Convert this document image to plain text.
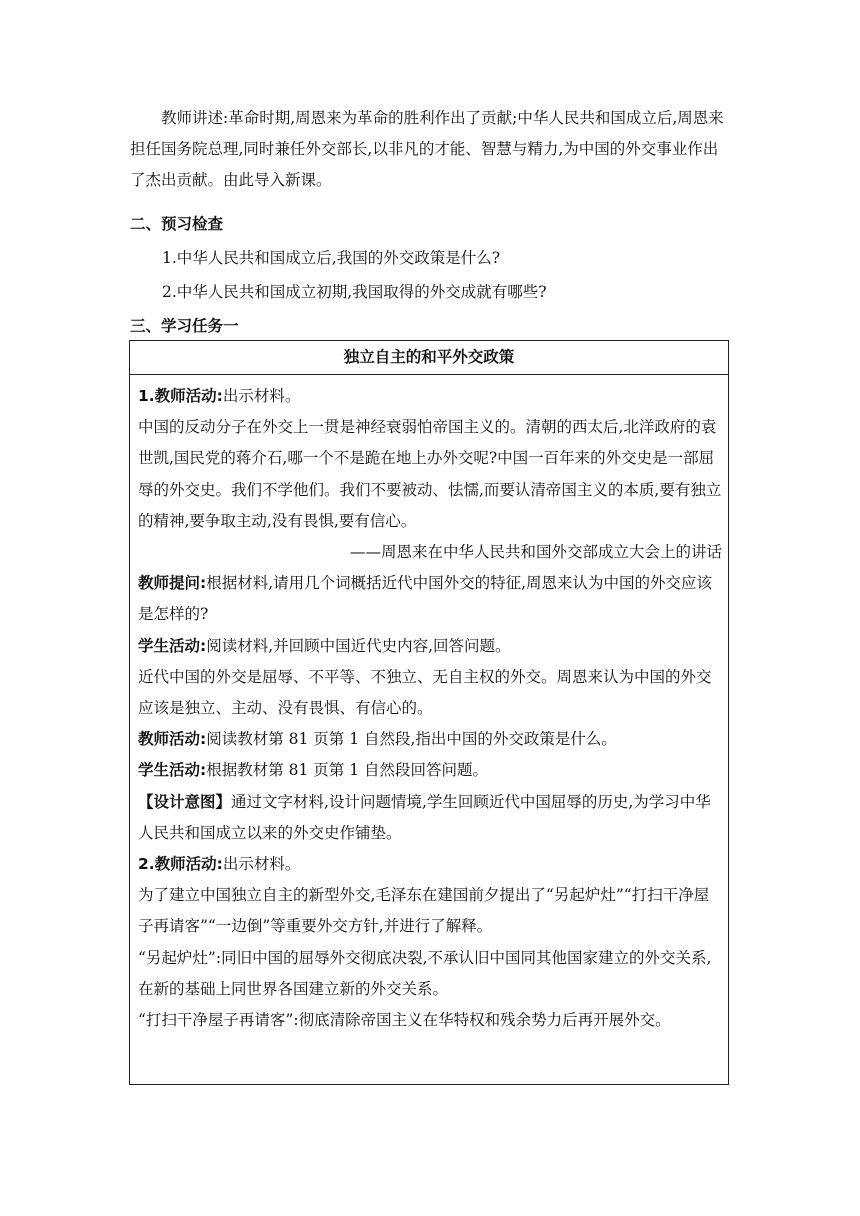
教师讲述:革命时期,周恩来为革命的胜利作出了贡献;中华人民共和国成立后,周恩来担任国务院总理,同时兼任外交部长,以非凡的才能、智慧与精力,为中国的外交事业作出了杰出贡献。由此导入新课。

二、预习检查

1.中华人民共和国成立后,我国的外交政策是什么?

2.中华人民共和国成立初期,我国取得的外交成就有哪些?

三、学习任务一

独立自主的和平外交政策

1.教师活动:出示材料。

中国的反动分子在外交上一贯是神经衰弱怕帝国主义的。清朝的西太后,北洋政府的袁世凯,国民党的蒋介石,哪一个不是跪在地上办外交呢?中国一百年来的外交史是一部屈辱的外交史。我们不学他们。我们不要被动、怯懦,而要认清帝国主义的本质,要有独立的精神,要争取主动,没有畏惧,要有信心。

——周恩来在中华人民共和国外交部成立大会上的讲话

教师提问:根据材料,请用几个词概括近代中国外交的特征,周恩来认为中国的外交应该是怎样的?

学生活动:阅读材料,并回顾中国近代史内容,回答问题。

近代中国的外交是屈辱、不平等、不独立、无自主权的外交。周恩来认为中国的外交应该是独立、主动、没有畏惧、有信心的。

教师活动:阅读教材第 81 页第 1 自然段,指出中国的外交政策是什么。

学生活动:根据教材第 81 页第 1 自然段回答问题。

【设计意图】通过文字材料,设计问题情境,学生回顾近代中国屈辱的历史,为学习中华人民共和国成立以来的外交史作铺垫。

2.教师活动:出示材料。

为了建立中国独立自主的新型外交,毛泽东在建国前夕提出了“另起炉灶”“打扫干净屋子再请客”“一边倒”等重要外交方针,并进行了解释。

“另起炉灶”:同旧中国的屈辱外交彻底决裂,不承认旧中国同其他国家建立的外交关系,在新的基础上同世界各国建立新的外交关系。

“打扫干净屋子再请客”:彻底清除帝国主义在华特权和残余势力后再开展外交。
